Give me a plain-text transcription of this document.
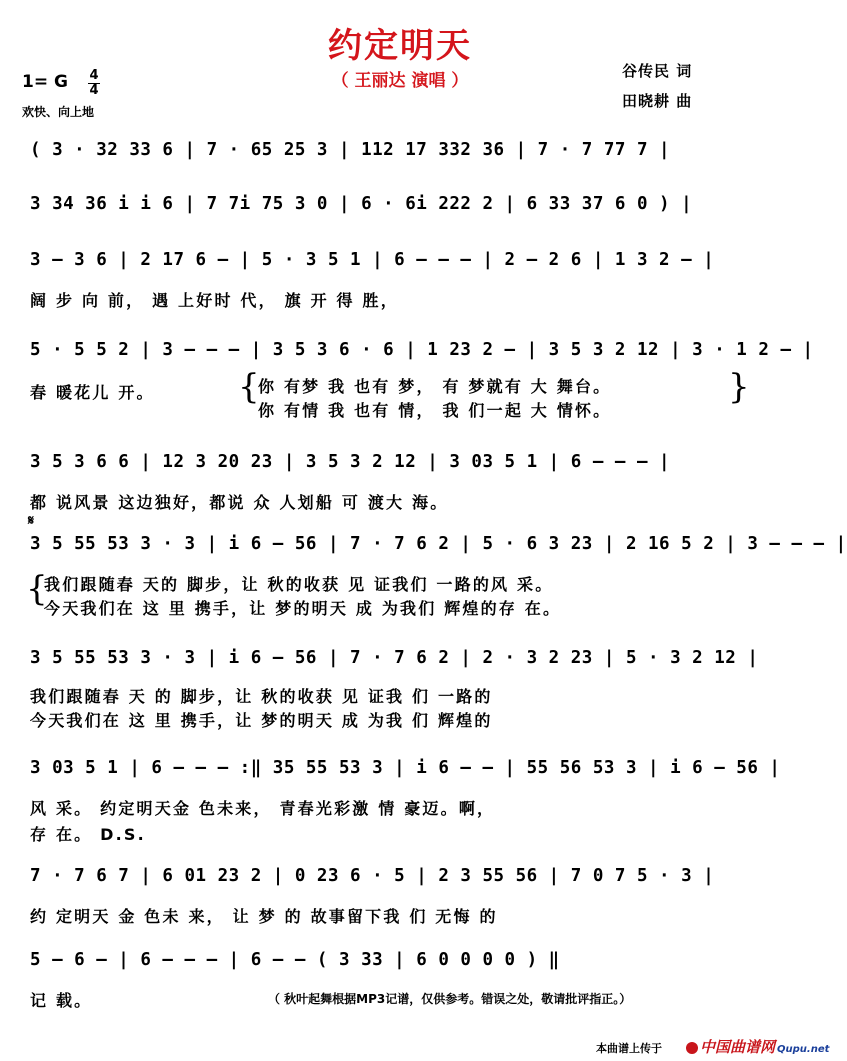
约定明天
（ 王丽达 演唱 ）	谷传民 词
田晓耕 曲
1= G 4
4
欢快、向上地
( 3 · 32 33 6 | 7 · 65 25 3 | 112 17 332 36 | 7 · 7 77 7 |
3 34 36 i i 6 | 7 7i 75 3 0 | 6 · 6i 222 2 | 6 33 37 6 0 ) |
3 – 3 6 | 2 17 6 – | 5 · 3 5 1 | 6 – – – | 2 – 2 6 | 1 3 2 – |
阔 步 向 前， 遇 上好时 代， 旗 开 得 胜，
5 · 5 5 2 | 3 – – – | 3 5 3 6 · 6 | 1 23 2 – | 3 5 3 2 12 | 3 · 1 2 – |
春 暖花儿 开。	{
你 有梦 我 也有 梦， 有 梦就有 大 舞台。
你 有情 我 也有 情， 我 们一起 大 情怀。
}
3 5 3 6 6 | 12 3 20 23 | 3 5 3 2 12 | 3 03 5 1 | 6 – – – |
都 说风景 这边独好，都说 众 人划船 可 渡大 海。
𝄋
3 5 55 53 3 · 3 | i 6 – 56 | 7 · 7 6 2 | 5 · 6 3 23 | 2 16 5 2 | 3 – – – |
{
我们跟随春 天的 脚步，让 秋的收获 见 证我们 一路的风 采。
今天我们在 这 里 携手，让 梦的明天 成 为我们 辉煌的存 在。
3 5 55 53 3 · 3 | i 6 – 56 | 7 · 7 6 2 | 2 · 3 2 23 | 5 · 3 2 12 |
我们跟随春 天 的 脚步，让 秋的收获 见 证我 们 一路的
今天我们在 这 里 携手，让 梦的明天 成 为我 们 辉煌的
3 03 5 1 | 6 – – – :‖ 35 55 53 3 | i 6 – – | 55 56 53 3 | i 6 – 56 |
风 采。 约定明天金 色未来， 青春光彩激 情 豪迈。啊，
存 在。 D.S.
7 · 7 6 7 | 6 01 23 2 | 0 23 6 · 5 | 2 3 55 56 | 7 0 7 5 · 3 |
约 定明天 金 色未 来， 让 梦 的 故事留下我 们 无悔 的
5 – 6 – | 6 – – – | 6 – – ( 3 33 | 6 0 0 0 0 ) ‖
记 载。	（ 秋叶起舞根据MP3记谱，仅供参考。错误之处，敬请批评指正。）
本曲谱上传于	中国曲谱网 Qupu.net
